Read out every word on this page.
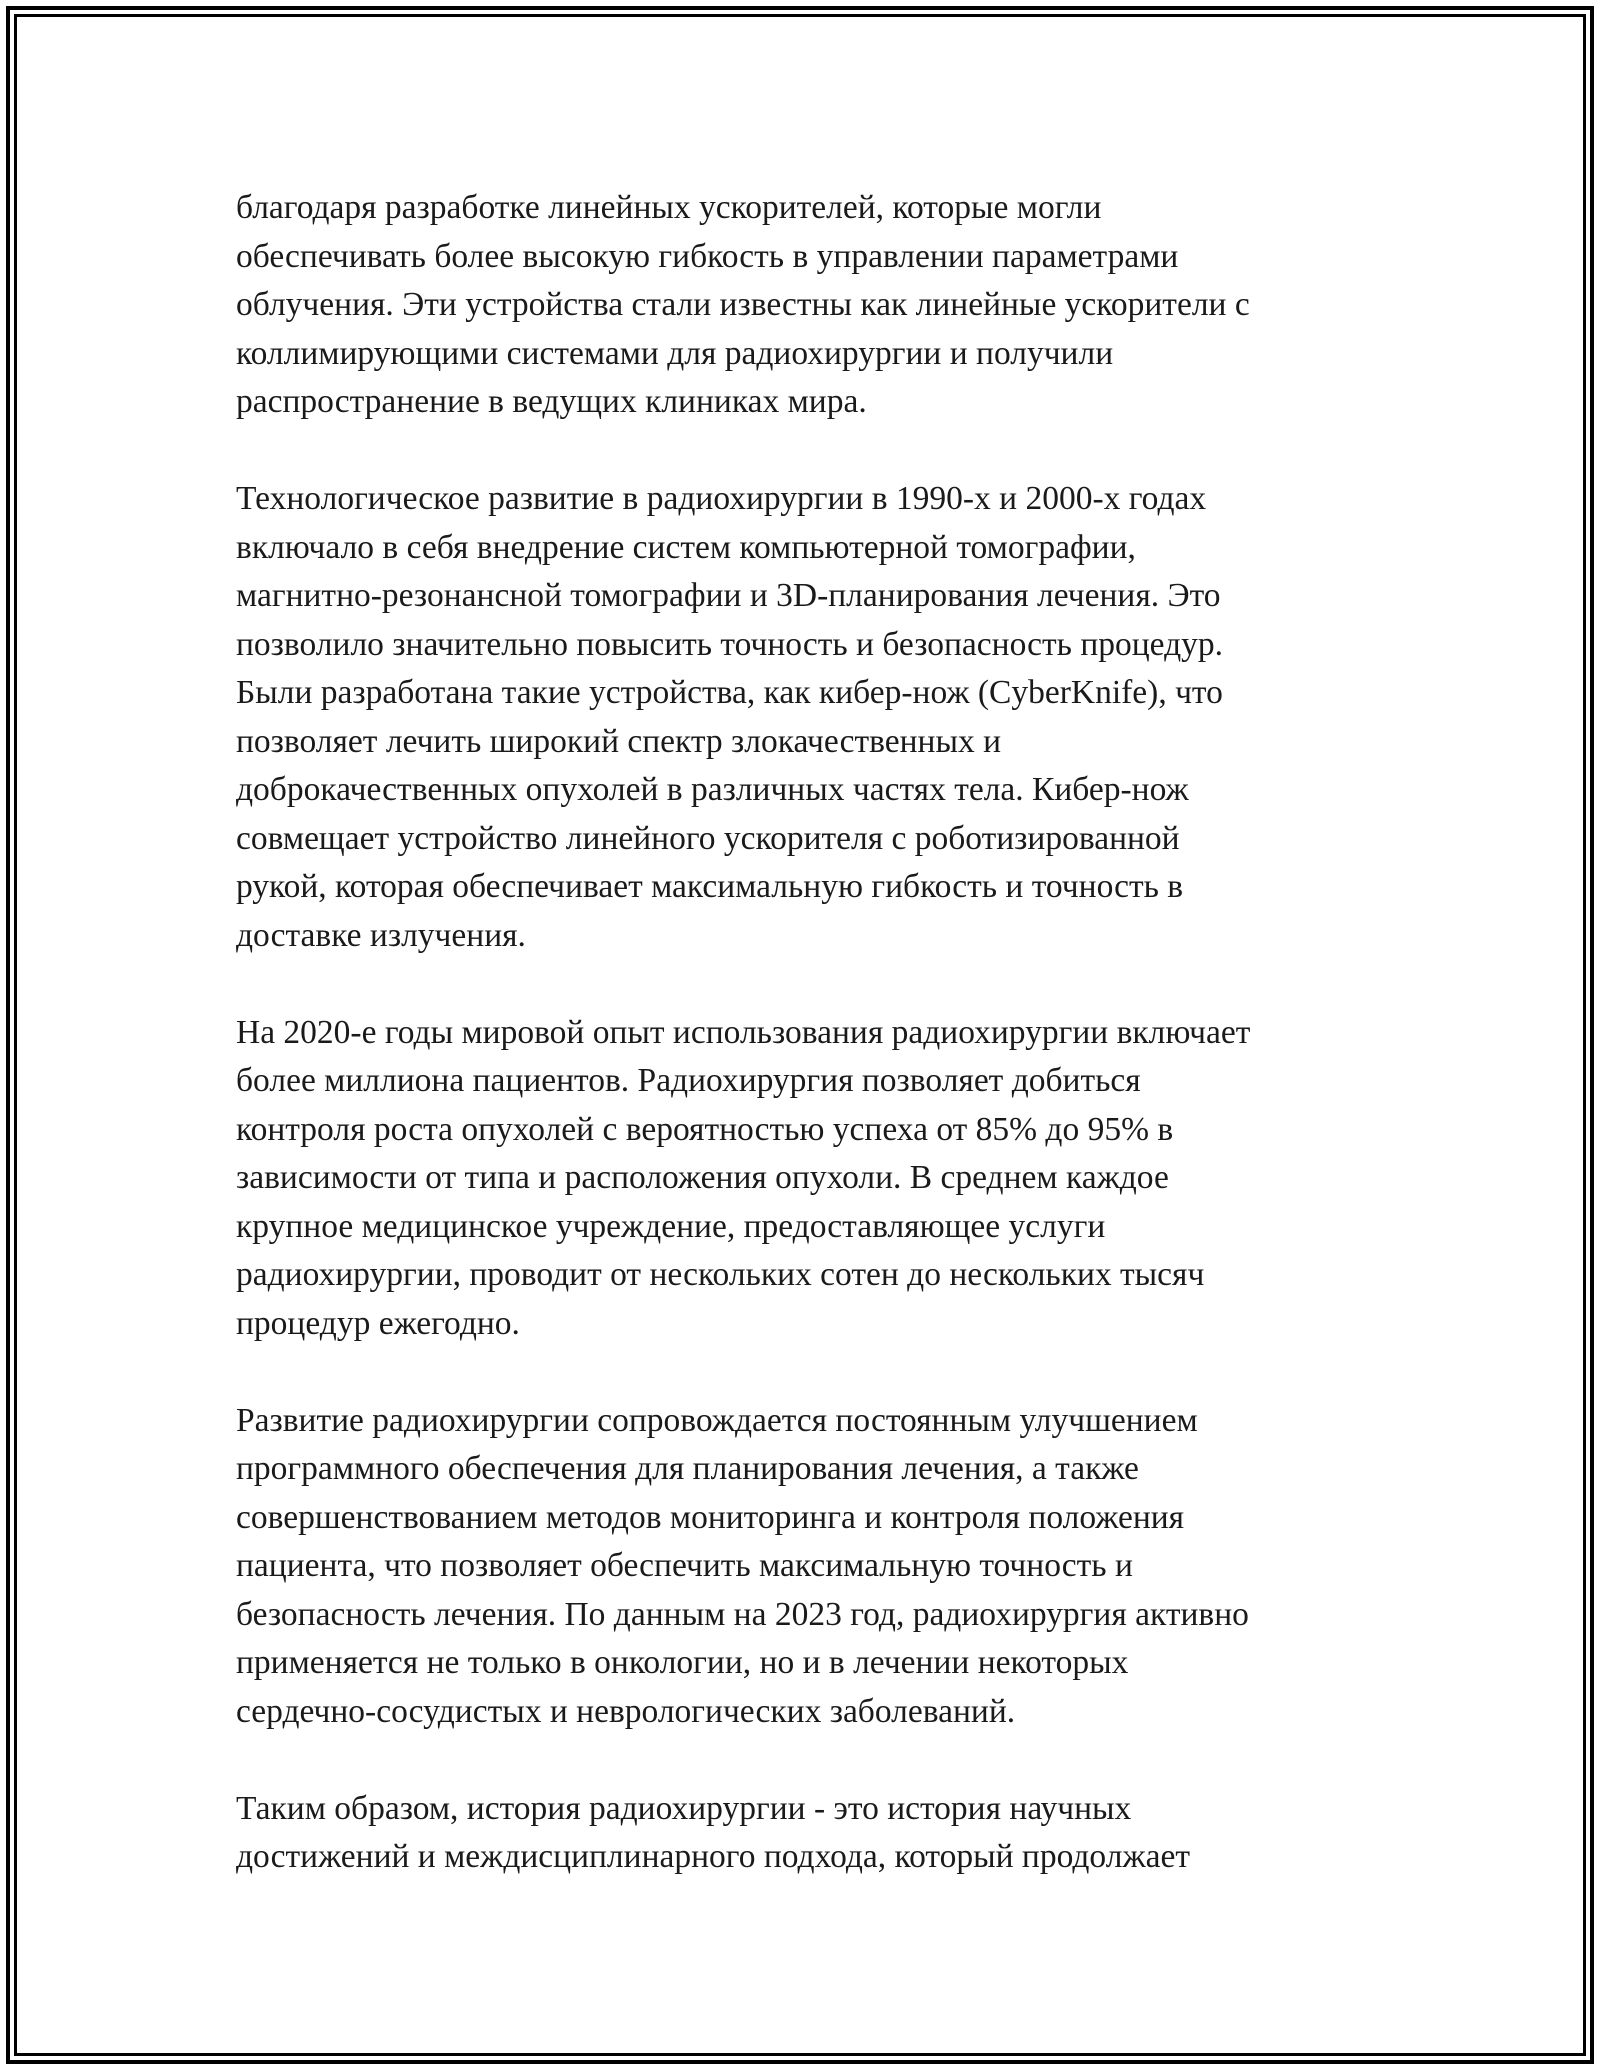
благодаря разработке линейных ускорителей, которые могли
обеспечивать более высокую гибкость в управлении параметрами
облучения. Эти устройства стали известны как линейные ускорители с
коллимирующими системами для радиохирургии и получили
распространение в ведущих клиниках мира.

Технологическое развитие в радиохирургии в 1990-х и 2000-х годах
включало в себя внедрение систем компьютерной томографии,
магнитно-резонансной томографии и 3D-планирования лечения. Это
позволило значительно повысить точность и безопасность процедур.
Были разработана такие устройства, как кибер-нож (CyberKnife), что
позволяет лечить широкий спектр злокачественных и
доброкачественных опухолей в различных частях тела. Кибер-нож
совмещает устройство линейного ускорителя с роботизированной
рукой, которая обеспечивает максимальную гибкость и точность в
доставке излучения.

На 2020-е годы мировой опыт использования радиохирургии включает
более миллиона пациентов. Радиохирургия позволяет добиться
контроля роста опухолей с вероятностью успеха от 85% до 95% в
зависимости от типа и расположения опухоли. В среднем каждое
крупное медицинское учреждение, предоставляющее услуги
радиохирургии, проводит от нескольких сотен до нескольких тысяч
процедур ежегодно.

Развитие радиохирургии сопровождается постоянным улучшением
программного обеспечения для планирования лечения, а также
совершенствованием методов мониторинга и контроля положения
пациента, что позволяет обеспечить максимальную точность и
безопасность лечения. По данным на 2023 год, радиохирургия активно
применяется не только в онкологии, но и в лечении некоторых
сердечно-сосудистых и неврологических заболеваний.

Таким образом, история радиохирургии - это история научных
достижений и междисциплинарного подхода, который продолжает
